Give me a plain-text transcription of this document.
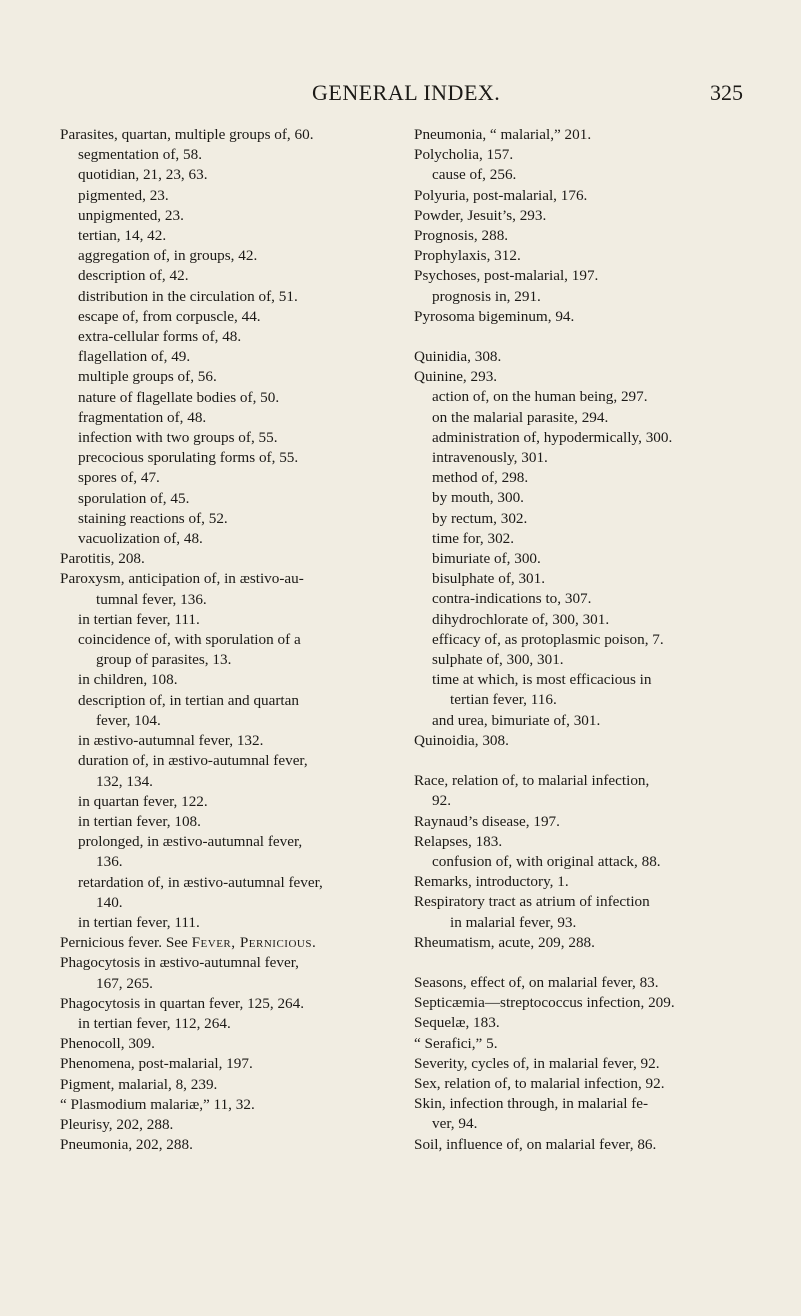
GENERAL INDEX.	325
Parasites, quartan, multiple groups of, 60.
segmentation of, 58.
quotidian, 21, 23, 63.
pigmented, 23.
unpigmented, 23.
tertian, 14, 42.
aggregation of, in groups, 42.
description of, 42.
distribution in the circulation of, 51.
escape of, from corpuscle, 44.
extra-cellular forms of, 48.
flagellation of, 49.
multiple groups of, 56.
nature of flagellate bodies of, 50.
fragmentation of, 48.
infection with two groups of, 55.
precocious sporulating forms of, 55.
spores of, 47.
sporulation of, 45.
staining reactions of, 52.
vacuolization of, 48.
Parotitis, 208.
Paroxysm, anticipation of, in æstivo-au-
tumnal fever, 136.
in tertian fever, 111.
coincidence of, with sporulation of a
group of parasites, 13.
in children, 108.
description of, in tertian and quartan
fever, 104.
in æstivo-autumnal fever, 132.
duration of, in æstivo-autumnal fever,
132, 134.
in quartan fever, 122.
in tertian fever, 108.
prolonged, in æstivo-autumnal fever,
136.
retardation of, in æstivo-autumnal fever,
140.
in tertian fever, 111.
Pernicious fever. See Fever, Pernicious.
Phagocytosis in æstivo-autumnal fever,
167, 265.
Phagocytosis in quartan fever, 125, 264.
in tertian fever, 112, 264.
Phenocoll, 309.
Phenomena, post-malarial, 197.
Pigment, malarial, 8, 239.
“ Plasmodium malariæ,” 11, 32.
Pleurisy, 202, 288.
Pneumonia, 202, 288.
Pneumonia, “ malarial,” 201.
Polycholia, 157.
cause of, 256.
Polyuria, post-malarial, 176.
Powder, Jesuit’s, 293.
Prognosis, 288.
Prophylaxis, 312.
Psychoses, post-malarial, 197.
prognosis in, 291.
Pyrosoma bigeminum, 94.
Quinidia, 308.
Quinine, 293.
action of, on the human being, 297.
on the malarial parasite, 294.
administration of, hypodermically, 300.
intravenously, 301.
method of, 298.
by mouth, 300.
by rectum, 302.
time for, 302.
bimuriate of, 300.
bisulphate of, 301.
contra-indications to, 307.
dihydrochlorate of, 300, 301.
efficacy of, as protoplasmic poison, 7.
sulphate of, 300, 301.
time at which, is most efficacious in
tertian fever, 116.
and urea, bimuriate of, 301.
Quinoidia, 308.
Race, relation of, to malarial infection,
92.
Raynaud’s disease, 197.
Relapses, 183.
confusion of, with original attack, 88.
Remarks, introductory, 1.
Respiratory tract as atrium of infection
in malarial fever, 93.
Rheumatism, acute, 209, 288.
Seasons, effect of, on malarial fever, 83.
Septicæmia—streptococcus infection, 209.
Sequelæ, 183.
“ Serafici,” 5.
Severity, cycles of, in malarial fever, 92.
Sex, relation of, to malarial infection, 92.
Skin, infection through, in malarial fe-
ver, 94.
Soil, influence of, on malarial fever, 86.
